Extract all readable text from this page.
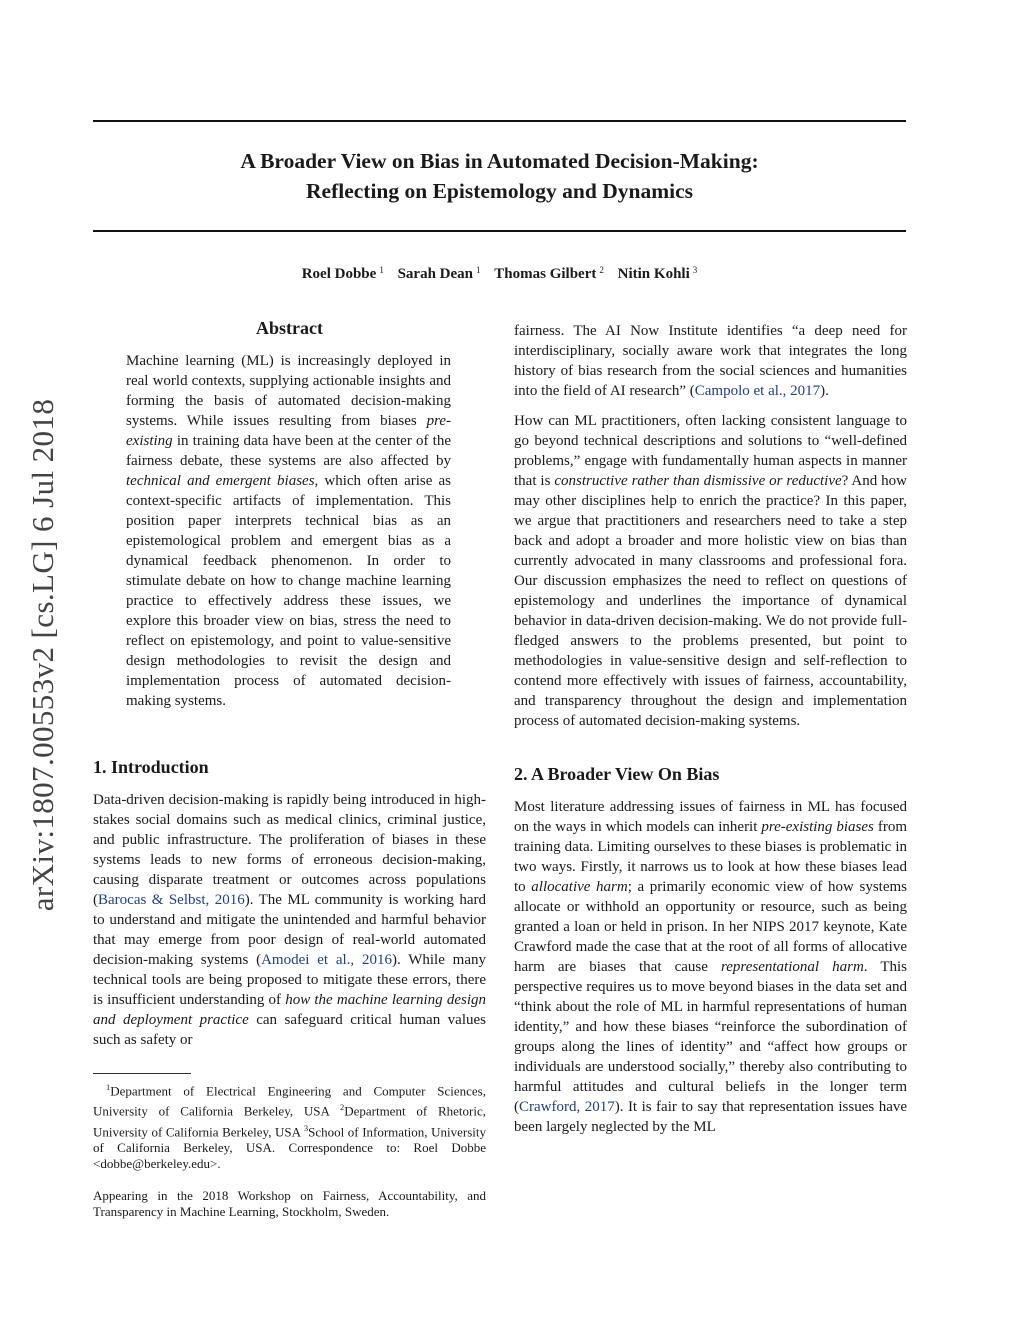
A Broader View on Bias in Automated Decision-Making:
Reflecting on Epistemology and Dynamics
Roel Dobbe  $^1$ Sarah Dean  $^1$ Thomas Gilbert  $^2$ Nitin Kohli  $^3$
arXiv:1807.00553v2 [cs.LG] 6 Jul 2018
Abstract
Machine learning (ML) is increasingly deployed in real world contexts, supplying actionable insights and forming the basis of automated decision-making systems. While issues resulting from biases pre-existing in training data have been at the center of the fairness debate, these systems are also affected by technical and emergent biases, which often arise as context-specific artifacts of implementation. This position paper interprets technical bias as an epistemological problem and emergent bias as a dynamical feedback phenomenon. In order to stimulate debate on how to change machine learning practice to effectively address these issues, we explore this broader view on bias, stress the need to reflect on epistemology, and point to value-sensitive design methodologies to revisit the design and implementation process of automated decision-making systems.
1. Introduction

Data-driven decision-making is rapidly being introduced in high-stakes social domains such as medical clinics, criminal justice, and public infrastructure. The proliferation of biases in these systems leads to new forms of erroneous decision-making, causing disparate treatment or outcomes across populations (Barocas & Selbst, 2016). The ML community is working hard to understand and mitigate the unintended and harmful behavior that may emerge from poor design of real-world automated decision-making systems (Amodei et al., 2016). While many technical tools are being proposed to mitigate these errors, there is insufficient understanding of how the machine learning design and deployment practice can safeguard critical human values such as safety or

 $^1$Department of Electrical Engineering and Computer Sciences, University of California Berkeley, USA $^2$Department of Rhetoric, University of California Berkeley, USA $^3$School of Information, University of California Berkeley, USA. Correspondence to: Roel Dobbe <dobbe@berkeley.edu>.

Appearing in the 2018 Workshop on Fairness, Accountability, and Transparency in Machine Learning, Stockholm, Sweden.

fairness. The AI Now Institute identifies “a deep need for interdisciplinary, socially aware work that integrates the long history of bias research from the social sciences and humanities into the field of AI research” (Campolo et al., 2017).

How can ML practitioners, often lacking consistent language to go beyond technical descriptions and solutions to “well-defined problems,” engage with fundamentally human aspects in manner that is constructive rather than dismissive or reductive? And how may other disciplines help to enrich the practice? In this paper, we argue that practitioners and researchers need to take a step back and adopt a broader and more holistic view on bias than currently advocated in many classrooms and professional fora. Our discussion emphasizes the need to reflect on questions of epistemology and underlines the importance of dynamical behavior in data-driven decision-making. We do not provide full-fledged answers to the problems presented, but point to methodologies in value-sensitive design and self-reflection to contend more effectively with issues of fairness, accountability, and transparency throughout the design and implementation process of automated decision-making systems.

2. A Broader View On Bias

Most literature addressing issues of fairness in ML has focused on the ways in which models can inherit pre-existing biases from training data. Limiting ourselves to these biases is problematic in two ways. Firstly, it narrows us to look at how these biases lead to allocative harm; a primarily economic view of how systems allocate or withhold an opportunity or resource, such as being granted a loan or held in prison. In her NIPS 2017 keynote, Kate Crawford made the case that at the root of all forms of allocative harm are biases that cause representational harm. This perspective requires us to move beyond biases in the data set and “think about the role of ML in harmful representations of human identity,” and how these biases “reinforce the subordination of groups along the lines of identity” and “affect how groups or individuals are understood socially,” thereby also contributing to harmful attitudes and cultural beliefs in the longer term (Crawford, 2017). It is fair to say that representation issues have been largely neglected by the ML
